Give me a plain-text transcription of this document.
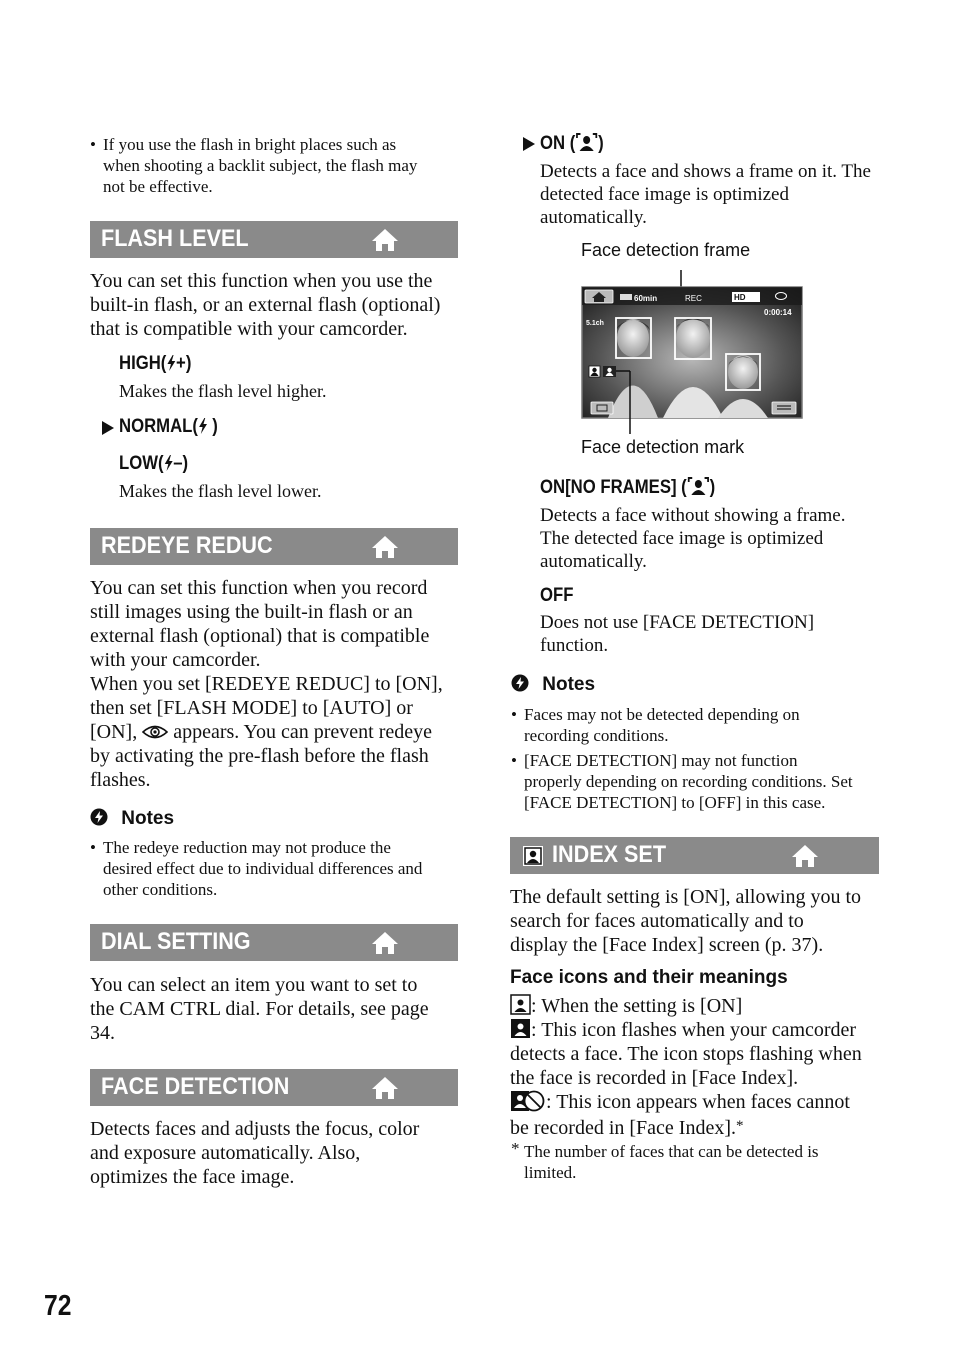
• If you use the flash in bright places such as
when shooting a backlit subject, the flash may
not be effective.
FLASH LEVEL
You can set this function when you use the
built-in flash, or an external flash (optional)
that is compatible with your camcorder.
HIGH( +)
Makes the flash level higher.
NORMAL( )
LOW( –)
Makes the flash level lower.
REDEYE REDUC
You can set this function when you record
still images using the built-in flash or an
external flash (optional) that is compatible
with your camcorder.
When you set [REDEYE REDUC] to [ON],
then set [FLASH MODE] to [AUTO] or
[ON], appears. You can prevent redeye
by activating the pre-flash before the flash
flashes.
Notes
• The redeye reduction may not produce the
desired effect due to individual differences and
other conditions.
DIAL SETTING
You can select an item you want to set to
the CAM CTRL dial. For details, see page
34.
FACE DETECTION
Detects faces and adjusts the focus, color
and exposure automatically. Also,
optimizes the face image.
ON ( )
Detects a face and shows a frame on it. The
detected face image is optimized
automatically.
Face detection frame
60min	REC	HD
0:00:14
5.1ch
Face detection mark
ON[NO FRAMES] ( )
Detects a face without showing a frame.
The detected face image is optimized
automatically.
OFF
Does not use [FACE DETECTION]
function.
Notes
• Faces may not be detected depending on
recording conditions.
• [FACE DETECTION] may not function
properly depending on recording conditions. Set
[FACE DETECTION] to [OFF] in this case.
INDEX SET
The default setting is [ON], allowing you to
search for faces automatically and to
display the [Face Index] screen (p. 37).
Face icons and their meanings
: When the setting is [ON]
: This icon flashes when your camcorder
detects a face. The icon stops flashing when
the face is recorded in [Face Index].
: This icon appears when faces cannot
be recorded in [Face Index].*
* The number of faces that can be detected is
limited.
72
